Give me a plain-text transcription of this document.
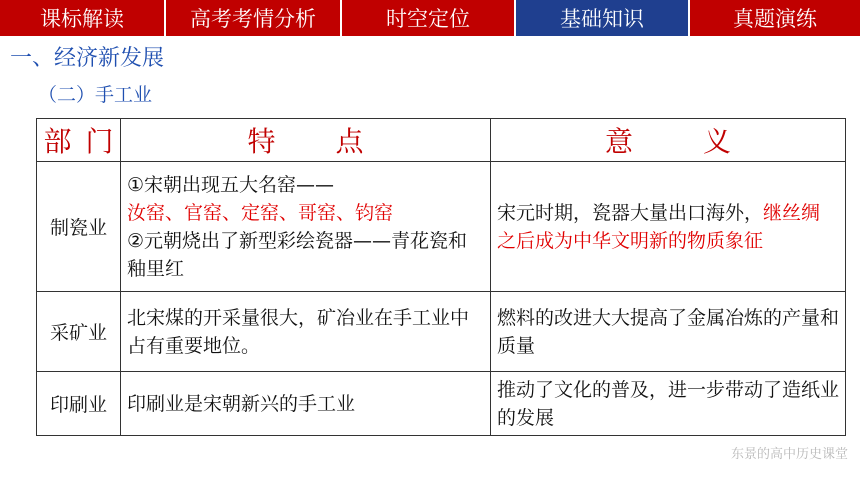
课标解读	高考考情分析	时空定位	基础知识	真题演练
一、经济新发展
（二）手工业
部 门	特 点	意 义

制瓷业	①宋朝出现五大名窑——
汝窑、官窑、定窑、哥窑、钧窑
②元朝烧出了新型彩绘瓷器——青花瓷和釉里红	宋元时期，瓷器大量出口海外，继丝绸之后成为中华文明新的物质象征
采矿业	北宋煤的开采量很大，矿冶业在手工业中占有重要地位。	燃料的改进大大提高了金属冶炼的产量和质量
印刷业	印刷业是宋朝新兴的手工业	推动了文化的普及，进一步带动了造纸业的发展
东景的高中历史课堂
